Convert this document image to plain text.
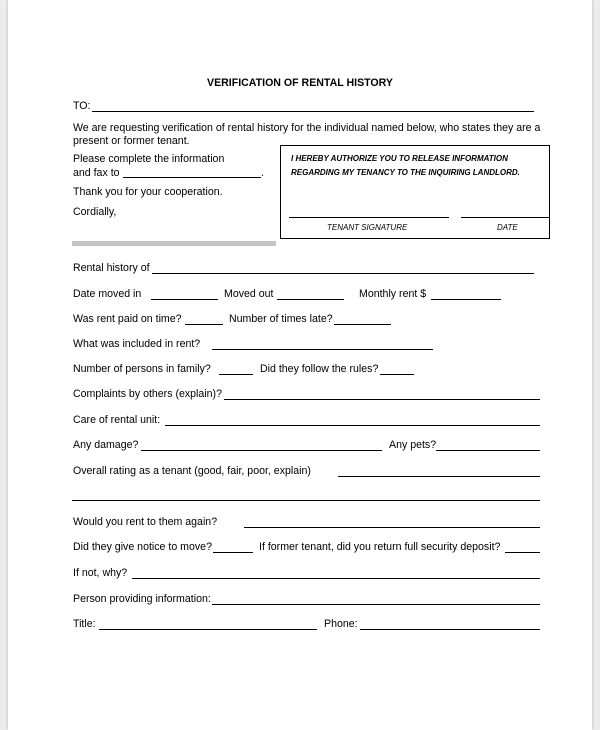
VERIFICATION OF RENTAL HISTORY
TO:
We are requesting verification of rental history for the individual named below, who states they are a
present or former tenant.
Please complete the information
and fax to	.
Thank you for your cooperation.
Cordially,
I HEREBY AUTHORIZE YOU TO RELEASE INFORMATION
REGARDING MY TENANCY TO THE INQUIRING LANDLORD.
TENANT SIGNATURE	DATE
Rental history of
Date moved in	Moved out	Monthly rent $
Was rent paid on time?	Number of times late?
What was included in rent?
Number of persons in family?	Did they follow the rules?
Complaints by others (explain)?
Care of rental unit:
Any damage?	Any pets?
Overall rating as a tenant (good, fair, poor, explain)
Would you rent to them again?
Did they give notice to move?	If former tenant, did you return full security deposit?
If not, why?
Person providing information:
Title:	Phone:
